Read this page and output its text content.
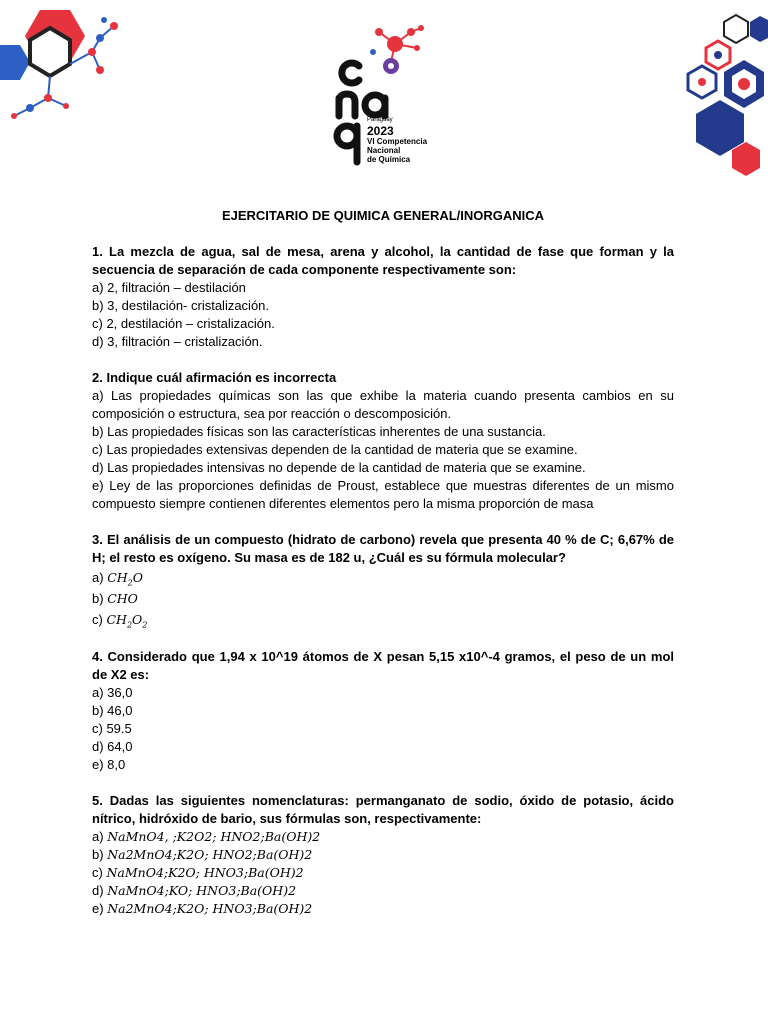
Paraguay
2023
VI Competencia
Nacional
de Química
EJERCITARIO DE QUIMICA GENERAL/INORGANICA
1. La mezcla de agua, sal de mesa, arena y alcohol, la cantidad de fase que forman y la secuencia de separación de cada componente respectivamente son:
a) 2, filtración – destilación
b) 3, destilación- cristalización.
c) 2, destilación – cristalización.
d) 3, filtración – cristalización.
2. Indique cuál afirmación es incorrecta
a) Las propiedades químicas son las que exhibe la materia cuando presenta cambios en su composición o estructura, sea por reacción o descomposición.
b) Las propiedades físicas son las características inherentes de una sustancia.
c) Las propiedades extensivas dependen de la cantidad de materia que se examine.
d) Las propiedades intensivas no depende de la cantidad de materia que se examine.
e) Ley de las proporciones definidas de Proust, establece que muestras diferentes de un mismo compuesto siempre contienen diferentes elementos pero la misma proporción de masa
3. El análisis de un compuesto (hidrato de carbono) revela que presenta 40 % de C; 6,67% de H; el resto es oxígeno. Su masa es de 182 u, ¿Cuál es su fórmula molecular?
a) $CH_2O$
b) CHO
c) $CH_2O_2$
4. Considerado que 1,94 x 10^19 átomos de X pesan 5,15 x10^-4 gramos, el peso de un mol de X2 es:
a) 36,0
b) 46,0
c) 59.5
d) 64,0
e) 8,0
5. Dadas las siguientes nomenclaturas: permanganato de sodio, óxido de potasio, ácido nítrico, hidróxido de bario, sus fórmulas son, respectivamente:
a) NaMnO4, ;K2O2; HNO2;Ba(OH)2
b) Na2MnO4;K2O; HNO2;Ba(OH)2
c) NaMnO4;K2O; HNO3;Ba(OH)2
d) NaMnO4;KO; HNO3;Ba(OH)2
e) Na2MnO4;K2O; HNO3;Ba(OH)2
